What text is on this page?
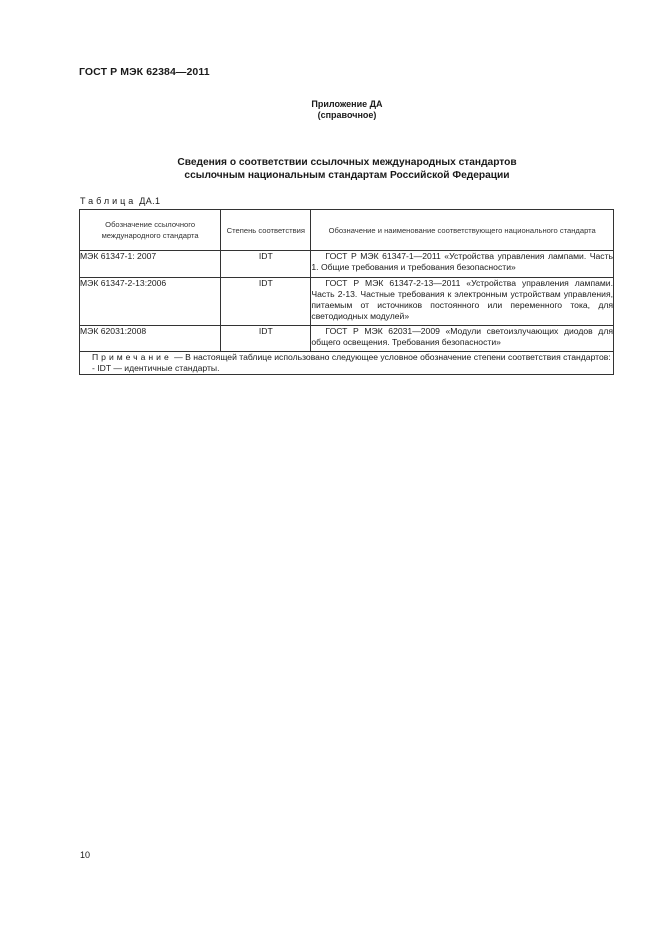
ГОСТ Р МЭК 62384—2011
Приложение ДА
(справочное)
Сведения о соответствии ссылочных международных стандартов
ссылочным национальным стандартам Российской Федерации
Таблица ДА.1
Обозначение ссылочного международного стандарта	Степень соответствия	Обозначение и наименование соответствующего национального стандарта
МЭК 61347-1: 2007	IDT	ГОСТ Р МЭК 61347-1—2011 «Устройства управления лампами. Часть 1. Общие требования и требования безопасности»
МЭК 61347-2-13:2006	IDT	ГОСТ Р МЭК 61347-2-13—2011 «Устройства управления лампами. Часть 2-13. Частные требования к электронным устройствам управления, питаемым от источников постоянного или переменного тока, для светодиодных модулей»
МЭК 62031:2008	IDT	ГОСТ Р МЭК 62031—2009 «Модули светоизлучающих диодов для общего освещения. Требования безопасности»

Примечание — В настоящей таблице использовано следующее условное обозначение степени соответствия стандартов:
- IDT — идентичные стандарты.		
10
